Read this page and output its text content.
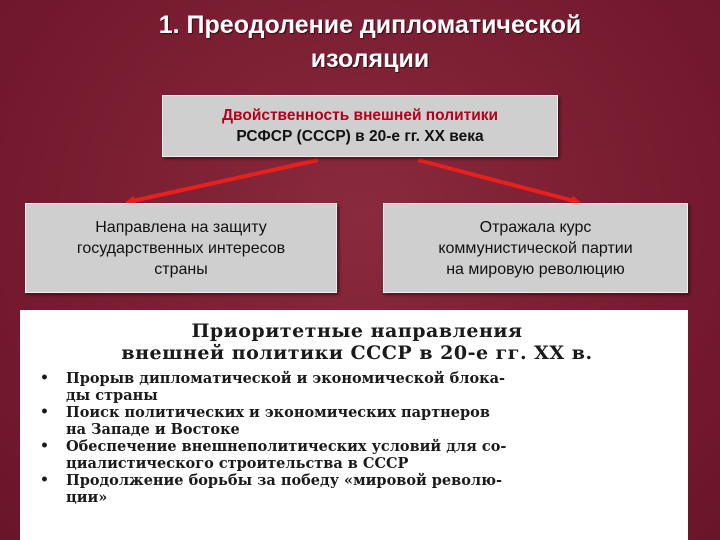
1. Преодоление дипломатической
изоляции
Двойственность внешней политики
РСФСР (СССР) в 20-е гг. XX века
Направлена на защиту
государственных интересов
страны
Отражала курс
коммунистической партии
на мировую революцию
Приоритетные направления
внешней политики СССР в 20-е гг. XX в.
• Прорыв дипломатической и экономической блока-
ды страны
• Поиск политических и экономических партнеров
на Западе и Востоке
• Обеспечение внешнеполитических условий для со-
циалистического строительства в СССР
• Продолжение борьбы за победу «мировой револю-
ции»
